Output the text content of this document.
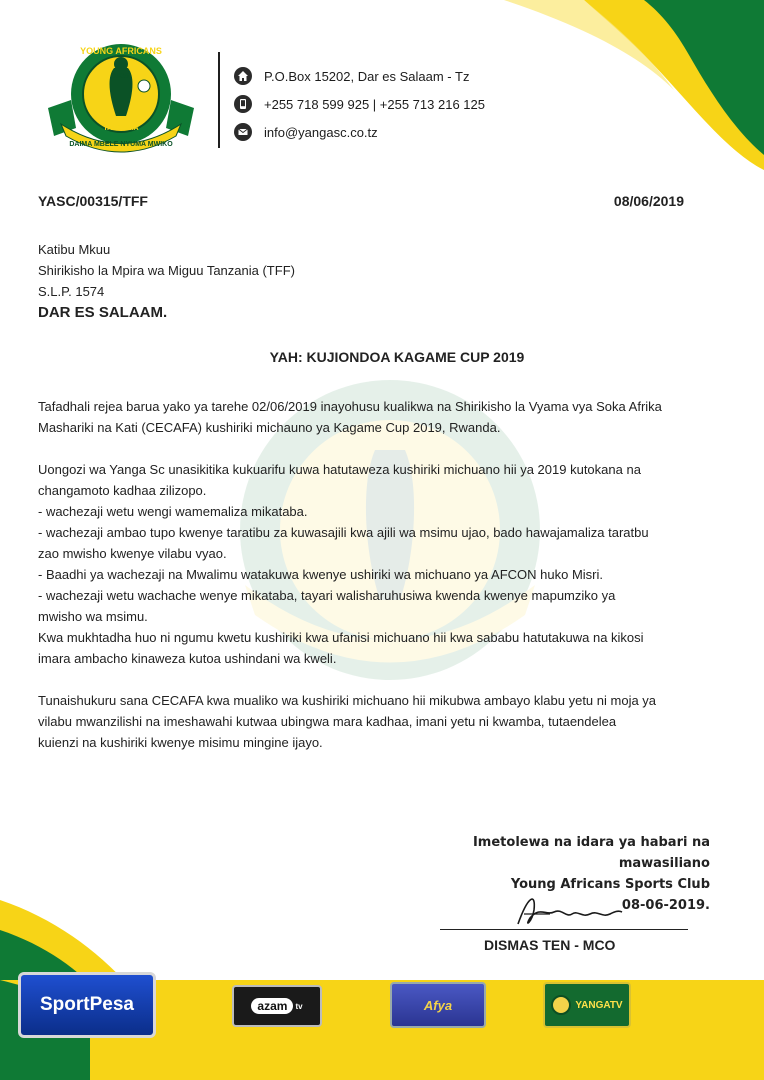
YOUNG AFRICANS
1935
TANZANIA
DAIMA MBELE NYUMA MWIKO
P.O.Box 15202, Dar es Salaam - Tz
+255 718 599 925 | +255 713 216 125
info@yangasc.co.tz
YASC/00315/TFF	08/06/2019
Katibu Mkuu
Shirikisho la Mpira wa Miguu Tanzania (TFF)
S.L.P. 1574
DAR ES SALAAM.
YAH: KUJIONDOA KAGAME CUP 2019

Tafadhali rejea barua yako ya tarehe 02/06/2019 inayohusu kualikwa na Shirikisho la Vyama vya Soka Afrika
Mashariki na Kati (CECAFA) kushiriki michauno ya Kagame Cup 2019, Rwanda.

Uongozi wa Yanga Sc unasikitika kukuarifu kuwa hatutaweza kushiriki michuano hii ya 2019 kutokana na
changamoto kadhaa zilizopo.
- wachezaji wetu wengi wamemaliza mikataba.
- wachezaji ambao tupo kwenye taratibu za kuwasajili kwa ajili wa msimu ujao, bado hawajamaliza taratbu
zao mwisho kwenye vilabu vyao.
- Baadhi ya wachezaji na Mwalimu watakuwa kwenye ushiriki wa michuano ya AFCON huko Misri.
- wachezaji wetu wachache wenye mikataba, tayari walisharuhusiwa kwenda kwenye mapumziko ya
mwisho wa msimu.
Kwa mukhtadha huo ni ngumu kwetu kushiriki kwa ufanisi michuano hii kwa sababu hatutakuwa na kikosi
imara ambacho kinaweza kutoa ushindani wa kweli.

Tunaishukuru sana CECAFA kwa mualiko wa kushiriki michuano hii mikubwa ambayo klabu yetu ni moja ya
vilabu mwanzilishi na imeshawahi kutwaa ubingwa mara kadhaa, imani yetu ni kwamba, tutaendelea
kuienzi na kushiriki kwenye misimu mingine ijayo.

Imetolewa na idara ya habari na
mawasiliano
Young Africans Sports Club
08-06-2019.
DISMAS TEN - MCO
SportPesa	azam	tv	Afya	YANGATV
